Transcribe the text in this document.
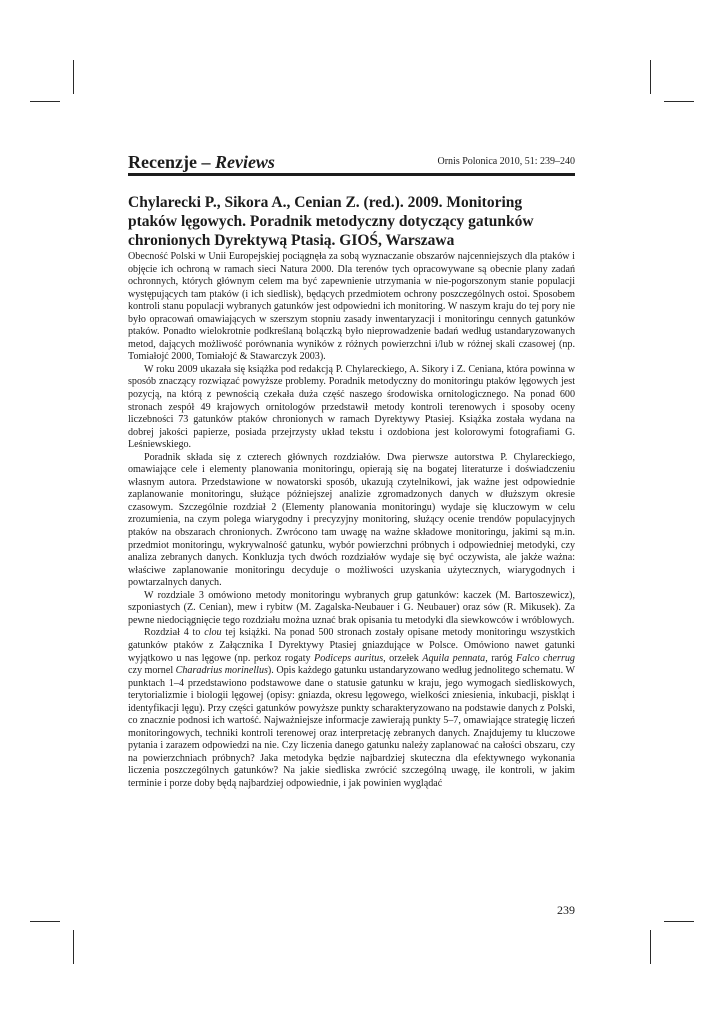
Recenzje – Reviews	Ornis Polonica 2010, 51: 239–240
Chylarecki P., Sikora A., Cenian Z. (red.). 2009. Monitoring ptaków lęgowych. Poradnik metodyczny dotyczący gatunków chronionych Dyrektywą Ptasią. GIOŚ, Warszawa

Obecność Polski w Unii Europejskiej pociągnęła za sobą wyznaczanie obszarów najcenniejszych dla ptaków i objęcie ich ochroną w ramach sieci Natura 2000. Dla terenów tych opracowywane są obecnie plany zadań ochronnych, których głównym celem ma być zapewnienie utrzymania w nie-pogorszonym stanie populacji występujących tam ptaków (i ich siedlisk), będących przedmiotem ochrony poszczególnych ostoi. Sposobem kontroli stanu populacji wybranych gatunków jest odpowiedni ich monitoring. W naszym kraju do tej pory nie było opracowań omawiających w szerszym stopniu zasady inwentaryzacji i monitoringu cennych gatunków ptaków. Ponadto wielokrotnie podkreślaną bolączką było nieprowadzenie badań według ustandaryzowanych metod, dających możliwość porównania wyników z różnych powierzchni i/lub w różnej skali czasowej (np. Tomiałojć 2000, Tomiałojć & Stawarczyk 2003).

W roku 2009 ukazała się książka pod redakcją P. Chylareckiego, A. Sikory i Z. Ceniana, która powinna w sposób znaczący rozwiązać powyższe problemy. Poradnik metodyczny do monitoringu ptaków lęgowych jest pozycją, na którą z pewnością czekała duża część naszego środowiska ornitologicznego. Na ponad 600 stronach zespół 49 krajowych ornitologów przedstawił metody kontroli terenowych i sposoby oceny liczebności 73 gatunków ptaków chronionych w ramach Dyrektywy Ptasiej. Książka została wydana na dobrej jakości papierze, posiada przejrzysty układ tekstu i ozdobiona jest kolorowymi fotografiami G. Leśniewskiego.

Poradnik składa się z czterech głównych rozdziałów. Dwa pierwsze autorstwa P. Chylareckiego, omawiające cele i elementy planowania monitoringu, opierają się na bogatej literaturze i doświadczeniu własnym autora. Przedstawione w nowatorski sposób, ukazują czytelnikowi, jak ważne jest odpowiednie zaplanowanie monitoringu, służące późniejszej analizie zgromadzonych danych w dłuższym okresie czasowym. Szczególnie rozdział 2 (Elementy planowania monitoringu) wydaje się kluczowym w celu zrozumienia, na czym polega wiarygodny i precyzyjny monitoring, służący ocenie trendów populacyjnych ptaków na obszarach chronionych. Zwrócono tam uwagę na ważne składowe monitoringu, jakimi są m.in. przedmiot monitoringu, wykrywalność gatunku, wybór powierzchni próbnych i odpowiedniej metodyki, czy analiza zebranych danych. Konkluzja tych dwóch rozdziałów wydaje się być oczywista, ale jakże ważna: właściwe zaplanowanie monitoringu decyduje o możliwości uzyskania użytecznych, wiarygodnych i powtarzalnych danych.

W rozdziale 3 omówiono metody monitoringu wybranych grup gatunków: kaczek (M. Bartoszewicz), szponiastych (Z. Cenian), mew i rybitw (M. Zagalska-Neubauer i G. Neubauer) oraz sów (R. Mikusek). Za pewne niedociągnięcie tego rozdziału można uznać brak opisania tu metodyki dla siewkowców i wróblowych.

Rozdział 4 to clou tej książki. Na ponad 500 stronach zostały opisane metody monitoringu wszystkich gatunków ptaków z Załącznika I Dyrektywy Ptasiej gniazdujące w Polsce. Omówiono nawet gatunki wyjątkowo u nas lęgowe (np. perkoz rogaty Podiceps auritus, orzełek Aquila pennata, raróg Falco cherrug czy mornel Charadrius morinellus). Opis każdego gatunku ustandaryzowano według jednolitego schematu. W punktach 1–4 przedstawiono podstawowe dane o statusie gatunku w kraju, jego wymogach siedliskowych, terytorializmie i biologii lęgowej (opisy: gniazda, okresu lęgowego, wielkości zniesienia, inkubacji, piskląt i identyfikacji lęgu). Przy części gatunków powyższe punkty scharakteryzowano na podstawie danych z Polski, co znacznie podnosi ich wartość. Najważniejsze informacje zawierają punkty 5–7, omawiające strategię liczeń monitoringowych, techniki kontroli terenowej oraz interpretację zebranych danych. Znajdujemy tu kluczowe pytania i zarazem odpowiedzi na nie. Czy liczenia danego gatunku należy zaplanować na całości obszaru, czy na powierzchniach próbnych? Jaka metodyka będzie najbardziej skuteczna dla efektywnego wykonania liczenia poszczególnych gatunków? Na jakie siedliska zwrócić szczególną uwagę, ile kontroli, w jakim terminie i porze doby będą najbardziej odpowiednie, i jak powinien wyglądać

239
